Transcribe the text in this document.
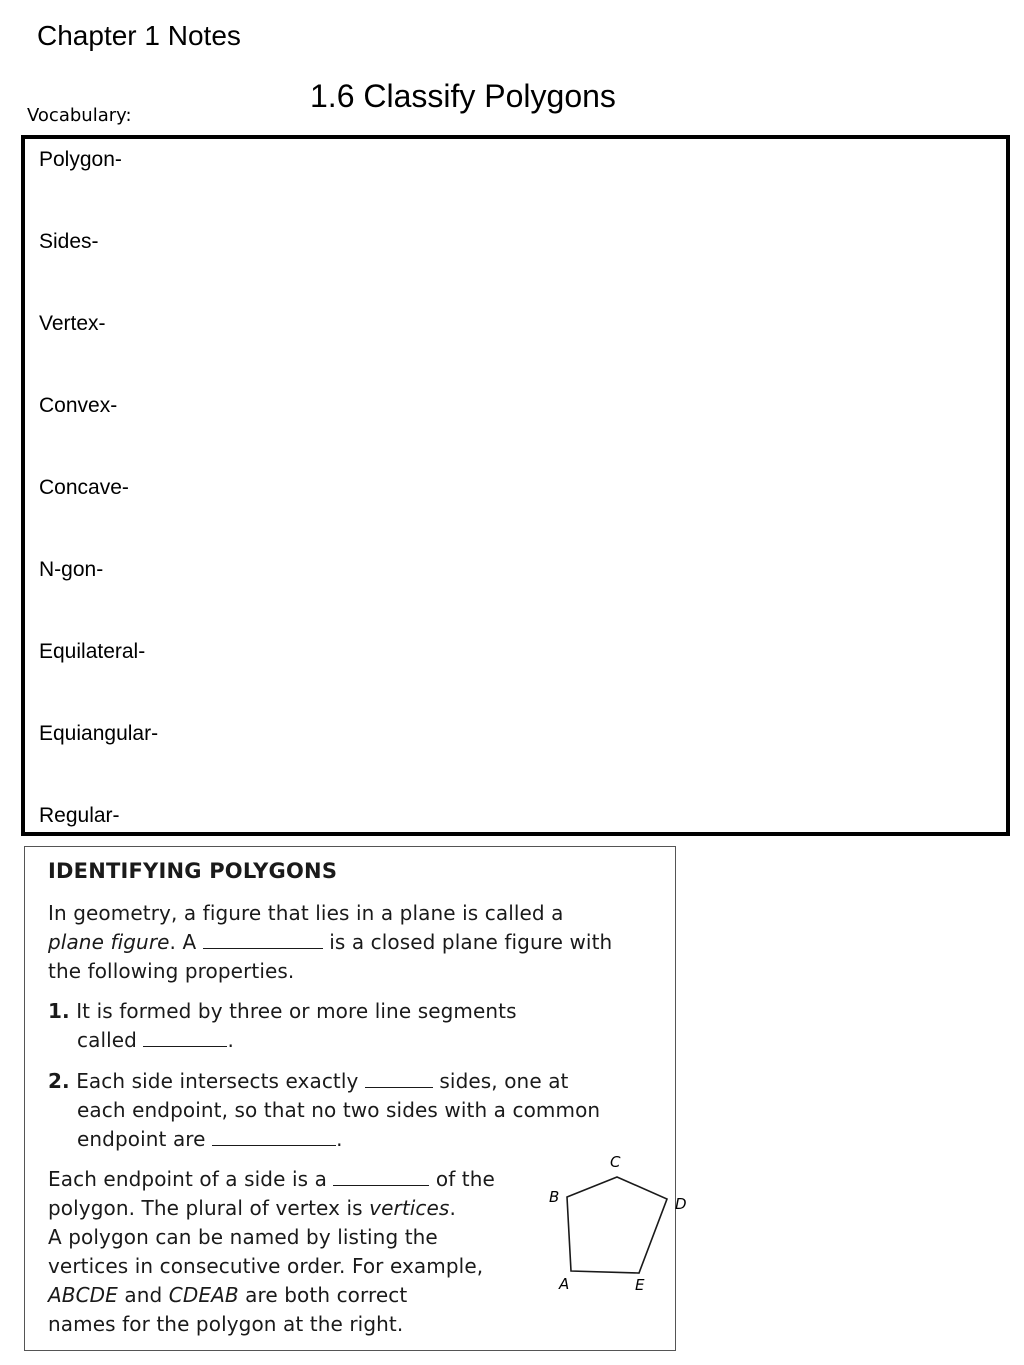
Chapter 1 Notes
1.6 Classify Polygons
Vocabulary:
Polygon-
Sides-
Vertex-
Convex-
Concave-
N-gon-
Equilateral-
Equiangular-
Regular-
IDENTIFYING POLYGONS
In geometry, a figure that lies in a plane is called a
plane figure. A	is a closed plane figure with
the following properties.
1. It is formed by three or more line segments
called	.
2. Each side intersects exactly	sides, one at
each endpoint, so that no two sides with a common
endpoint are	.
Each endpoint of a side is a	of the
polygon. The plural of vertex is vertices.
A polygon can be named by listing the
vertices in consecutive order. For example,
ABCDE and CDEAB are both correct
names for the polygon at the right.
B
C
D
E
A
